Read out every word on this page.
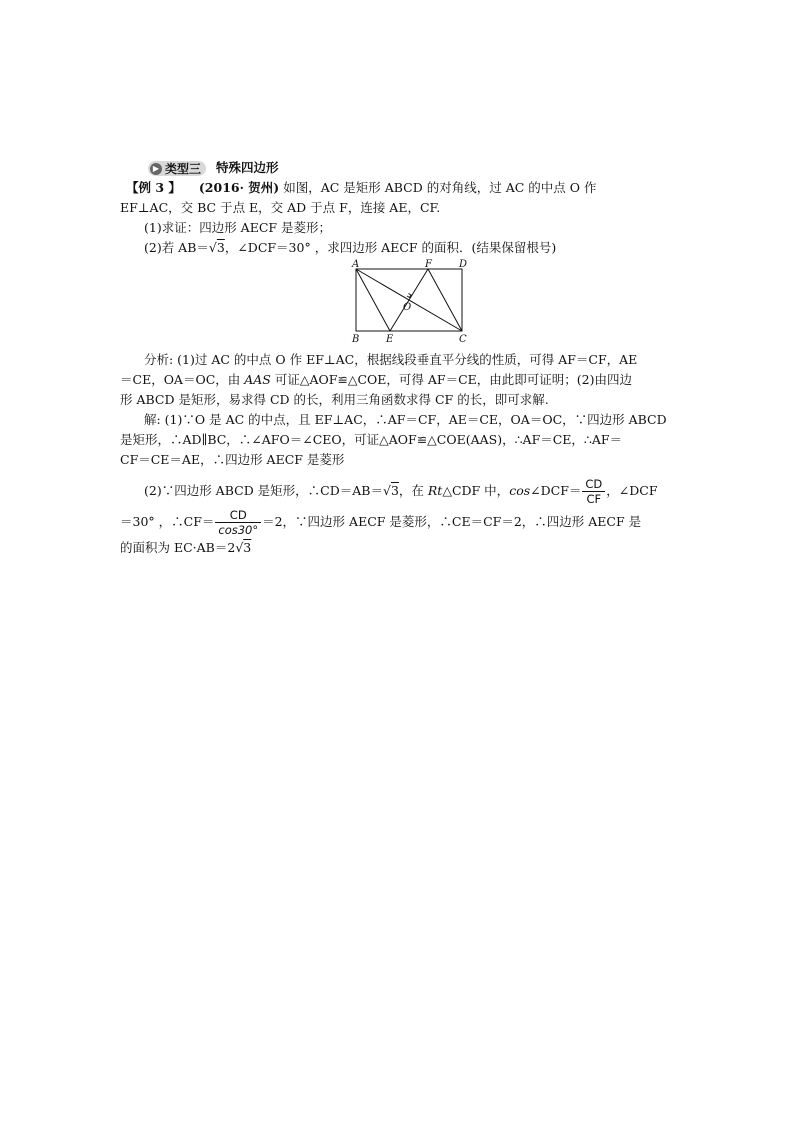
▶ 类型三 特殊四边形
【例 3 】 (2016· 贺州) 如图，AC 是矩形 ABCD 的对角线，过 AC 的中点 O 作
EF⊥AC，交 BC 于点 E，交 AD 于点 F，连接 AE，CF.
(1)求证：四边形 AECF 是菱形；
(2)若 AB＝√3，∠DCF＝30° ，求四边形 AECF 的面积．(结果保留根号)
A	D
F
B	E	C
O
分析: (1)过 AC 的中点 O 作 EF⊥AC，根据线段垂直平分线的性质，可得 AF＝CF，AE
＝CE，OA＝OC，由 AAS 可证△AOF≌△COE，可得 AF＝CE，由此即可证明；(2)由四边
形 ABCD 是矩形，易求得 CD 的长，利用三角函数求得 CF 的长，即可求解.
解: (1)∵O 是 AC 的中点，且 EF⊥AC，∴AF＝CF，AE＝CE，OA＝OC，∵四边形 ABCD
是矩形，∴AD∥BC，∴∠AFO＝∠CEO，可证△AOF≌△COE(AAS)，∴AF＝CE，∴AF＝
CF＝CE＝AE，∴四边形 AECF 是菱形
(2)∵四边形 ABCD 是矩形，∴CD＝AB＝√3，在 Rt△CDF 中，cos∠DCF＝ $\frac{CD}{CF}$ ，∠DCF
＝30° ，∴CF＝ $\frac{CD}{\cos 30^\circ} =2$，∵四边形 AECF 是菱形，∴CE＝CF＝2，∴四边形 AECF 是
的面积为 EC·AB＝2√3
